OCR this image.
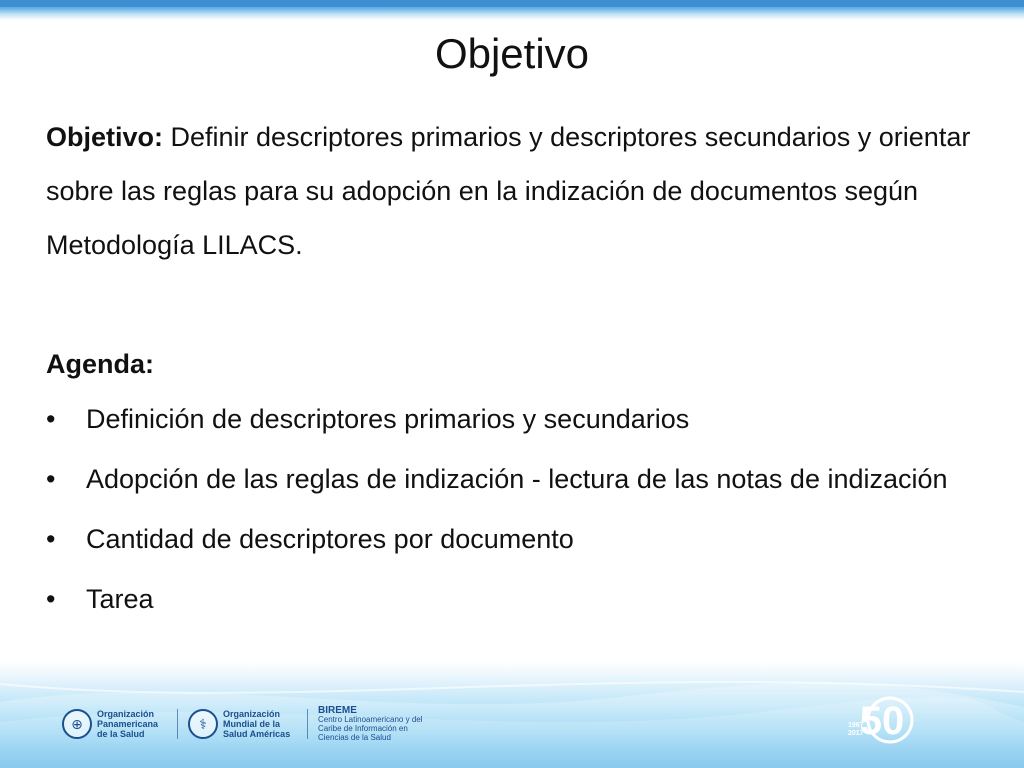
Objetivo

Objetivo: Definir descriptores primarios y descriptores secundarios y orientar sobre las reglas para su adopción en la indización de documentos según Metodología LILACS.

Agenda:
• Definición de descriptores primarios y secundarios
• Adopción de las reglas de indización - lectura de las notas de indización
• Cantidad de descriptores por documento
• Tarea
⊕
Organización Panamericana de la Salud
⚕
Organización Mundial de la Salud Américas
BIREME
Centro Latinoamericano y del Caribe de Información en Ciencias de la Salud	50
1967 2017
